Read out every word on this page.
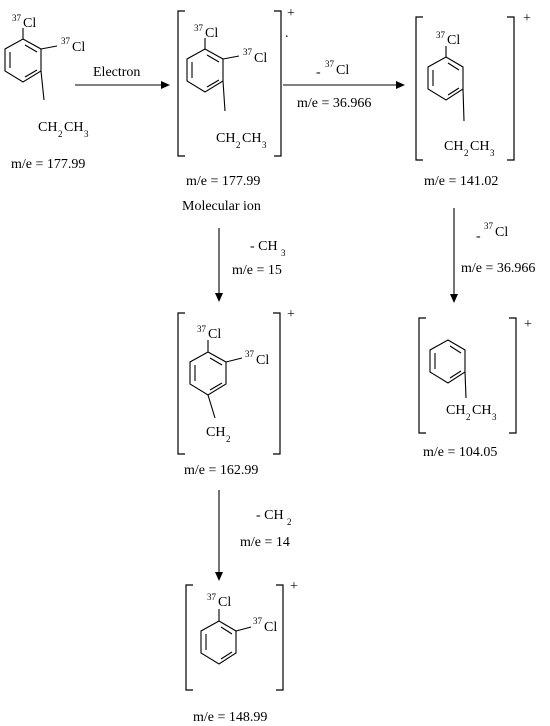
37 Cl
37 Cl
CH 2 CH 3
m/e = 177.99
Electron
+
.
37 Cl
37 Cl
CH 2 CH 3
m/e = 177.99
Molecular ion
-
37 Cl
m/e = 36.966
+
37 Cl
CH 2 CH 3
m/e = 141.02
-
37 Cl
m/e = 36.966
+
CH 2 CH 3
m/e = 104.05
- CH 3
m/e = 15
+
37 Cl
37 Cl
CH 2
m/e = 162.99
- CH 2
m/e = 14
+
37 Cl
37 Cl
m/e = 148.99
